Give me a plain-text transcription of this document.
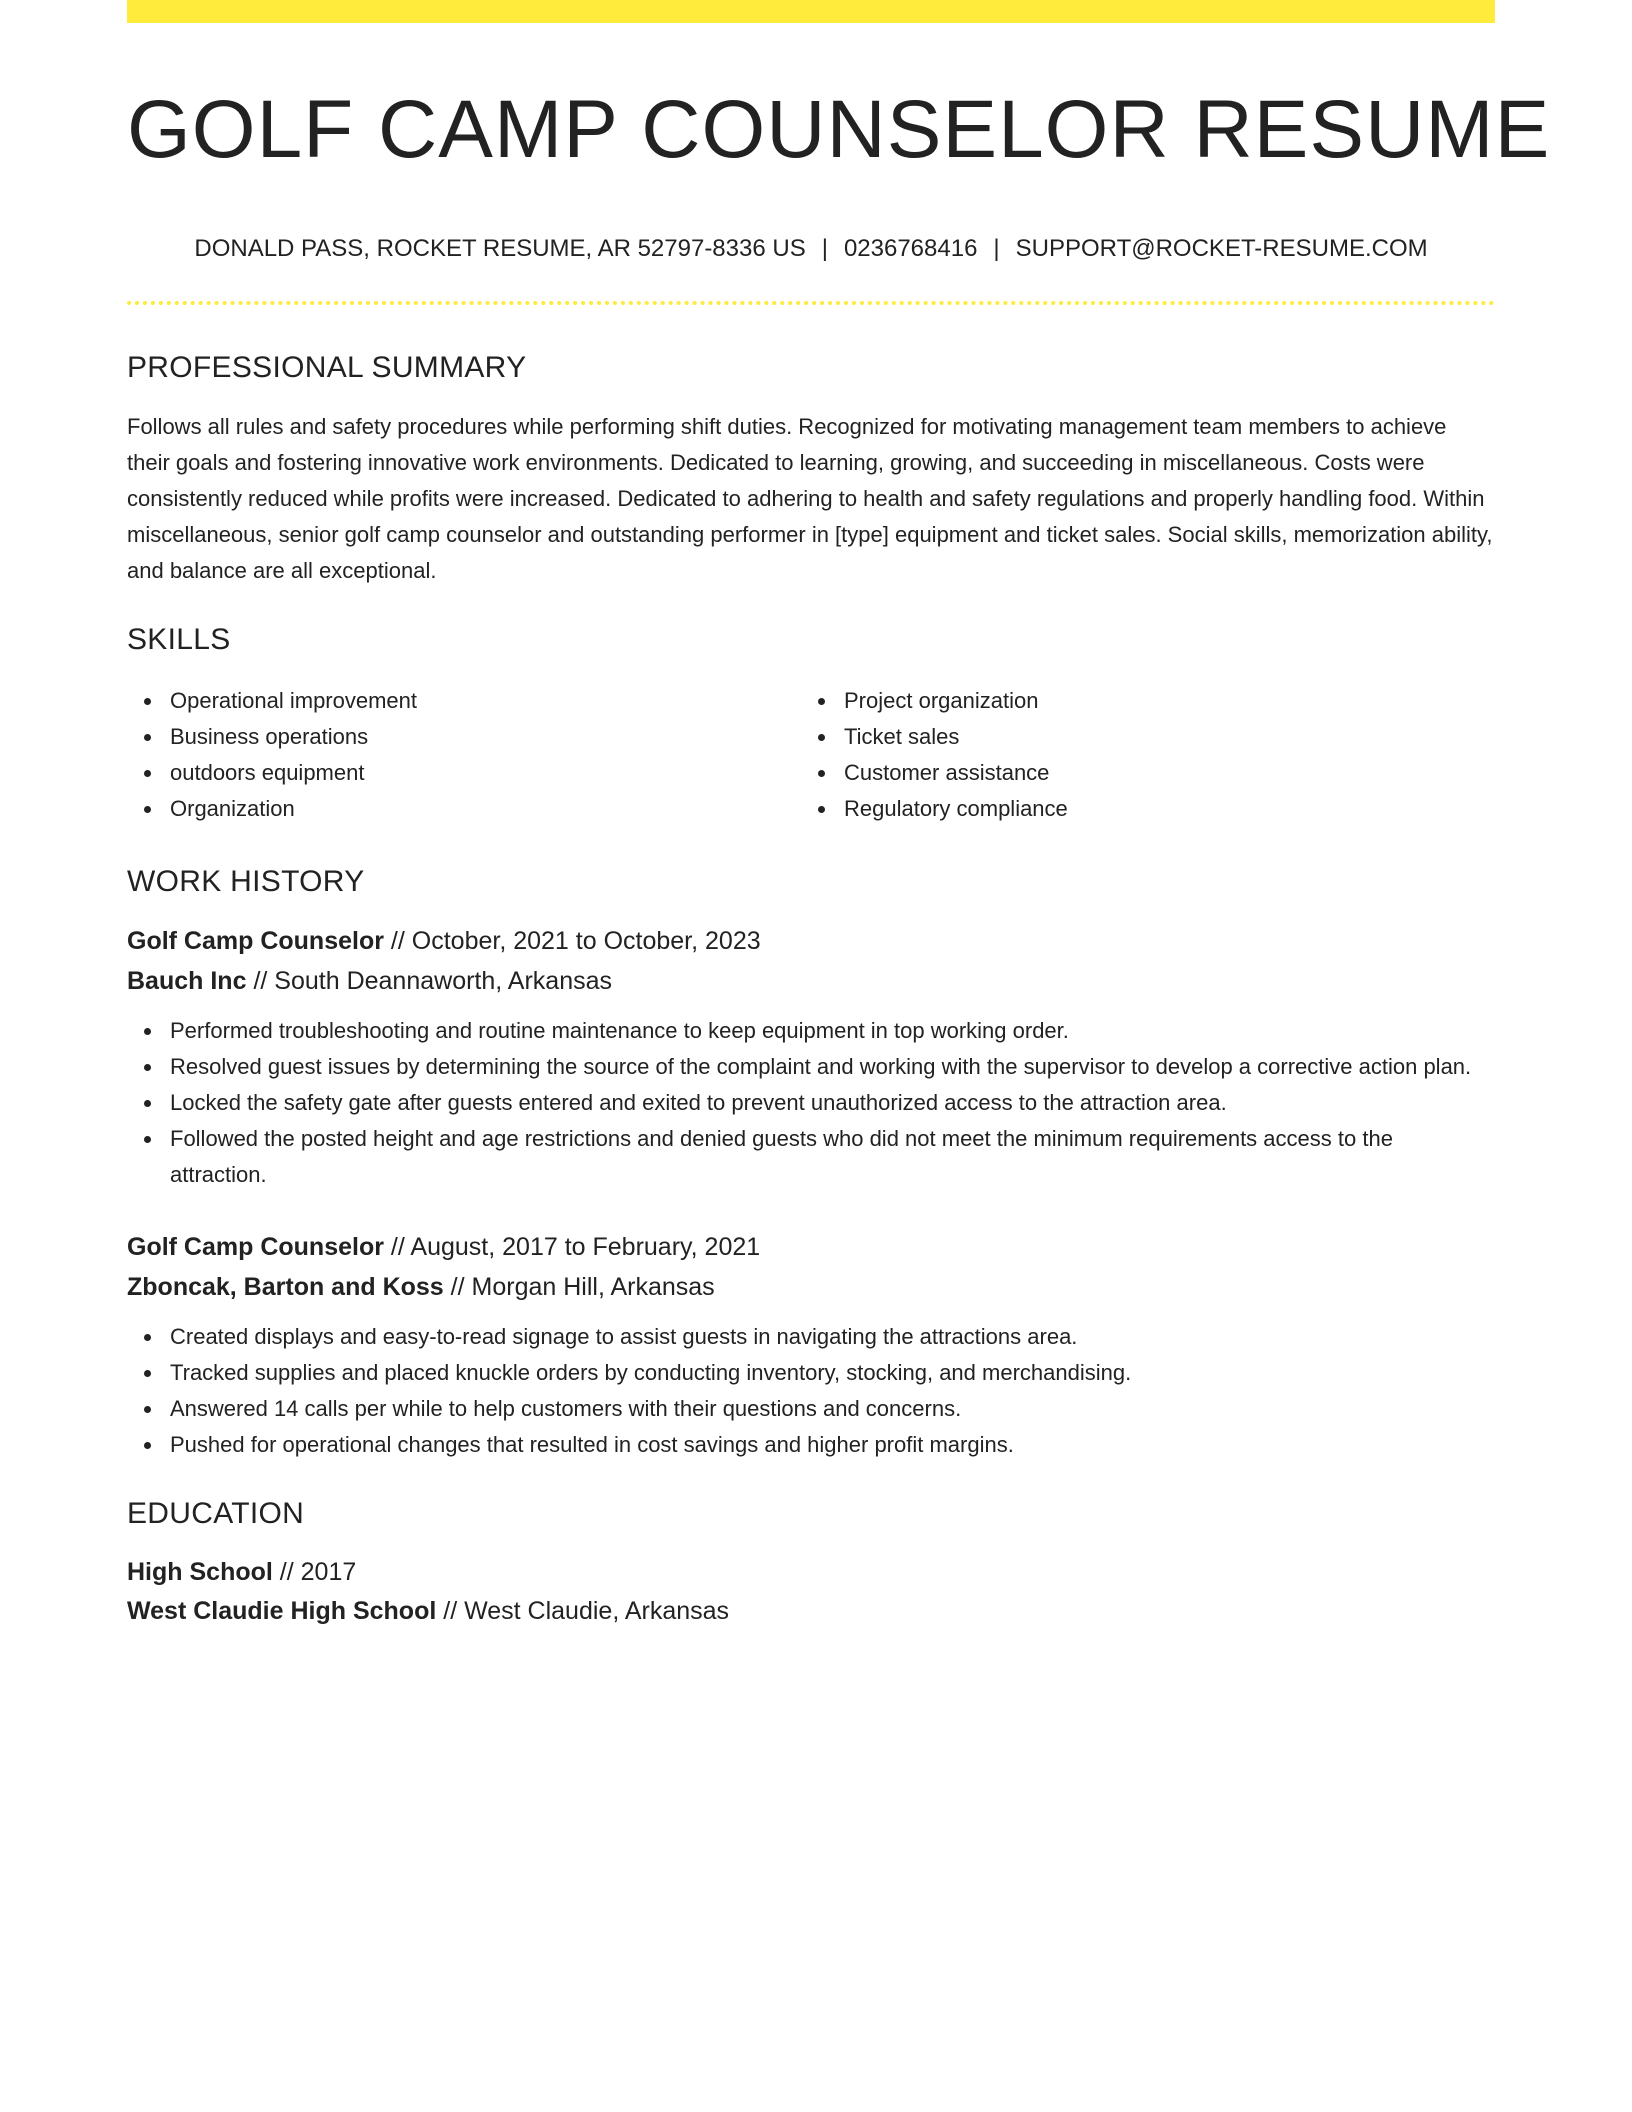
GOLF CAMP COUNSELOR RESUME
DONALD PASS, ROCKET RESUME, AR 52797-8336 US | 0236768416 | SUPPORT@ROCKET-RESUME.COM
PROFESSIONAL SUMMARY
Follows all rules and safety procedures while performing shift duties. Recognized for motivating management team members to achieve their goals and fostering innovative work environments. Dedicated to learning, growing, and succeeding in miscellaneous. Costs were consistently reduced while profits were increased. Dedicated to adhering to health and safety regulations and properly handling food. Within miscellaneous, senior golf camp counselor and outstanding performer in [type] equipment and ticket sales. Social skills, memorization ability, and balance are all exceptional.
SKILLS
Operational improvement
Business operations
outdoors equipment
Organization
Project organization
Ticket sales
Customer assistance
Regulatory compliance
WORK HISTORY
Golf Camp Counselor // October, 2021 to October, 2023
Bauch Inc // South Deannaworth, Arkansas
Performed troubleshooting and routine maintenance to keep equipment in top working order.
Resolved guest issues by determining the source of the complaint and working with the supervisor to develop a corrective action plan.
Locked the safety gate after guests entered and exited to prevent unauthorized access to the attraction area.
Followed the posted height and age restrictions and denied guests who did not meet the minimum requirements access to the attraction.
Golf Camp Counselor // August, 2017 to February, 2021
Zboncak, Barton and Koss // Morgan Hill, Arkansas
Created displays and easy-to-read signage to assist guests in navigating the attractions area.
Tracked supplies and placed knuckle orders by conducting inventory, stocking, and merchandising.
Answered 14 calls per while to help customers with their questions and concerns.
Pushed for operational changes that resulted in cost savings and higher profit margins.
EDUCATION
High School // 2017
West Claudie High School // West Claudie, Arkansas
